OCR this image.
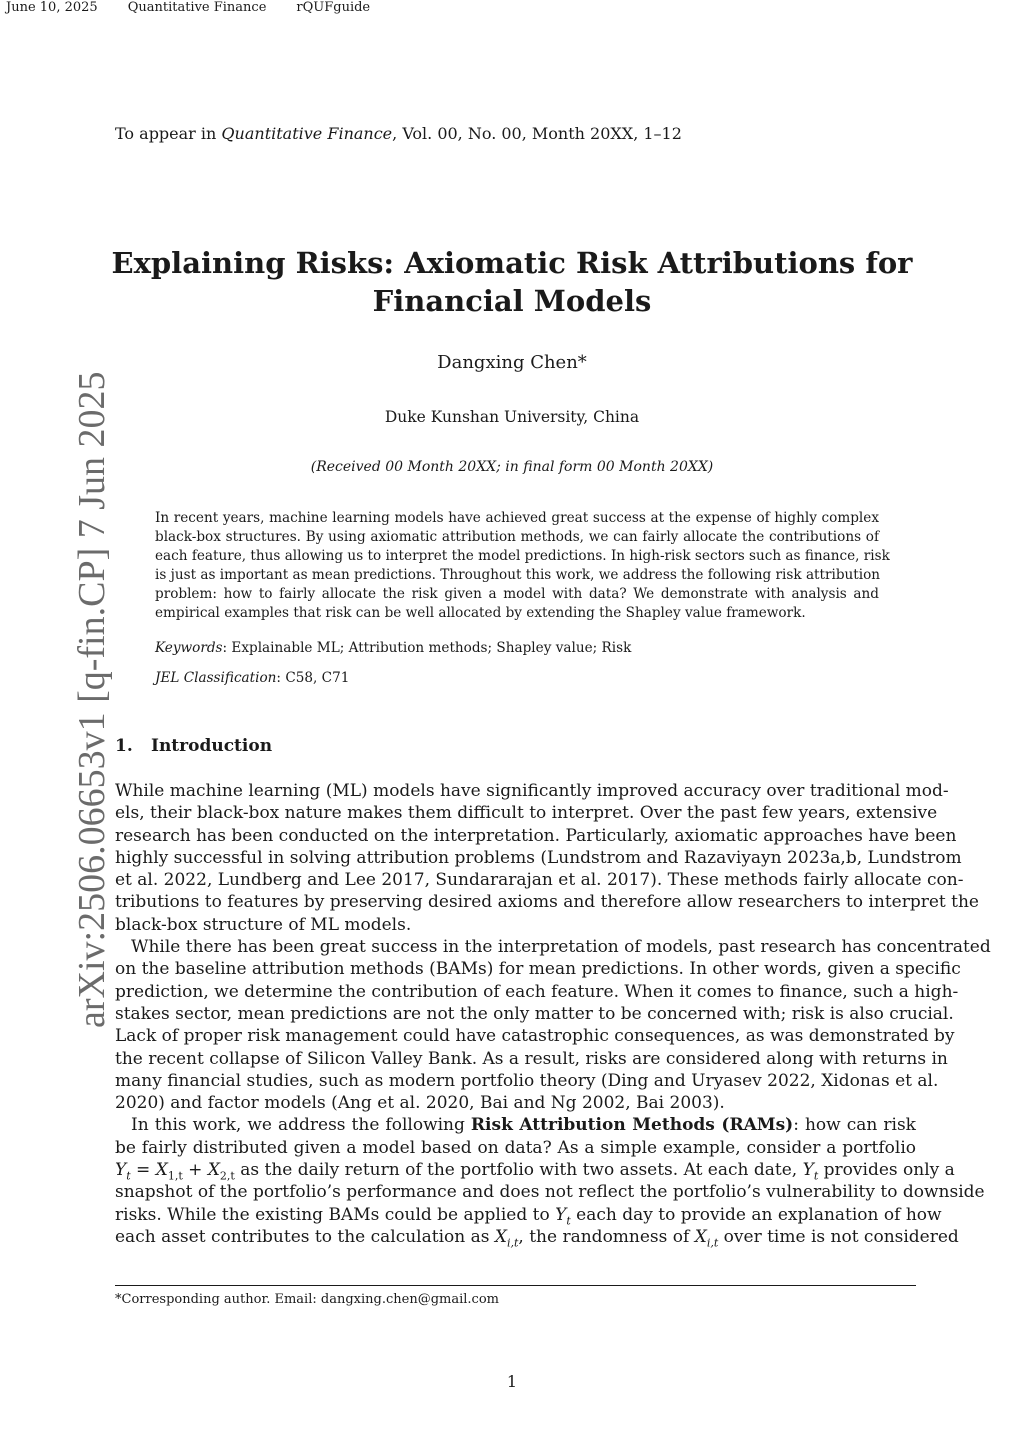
June 10, 2025 Quantitative Finance rQUFguide
To appear in Quantitative Finance, Vol. 00, No. 00, Month 20XX, 1–12
Explaining Risks: Axiomatic Risk Attributions for
Financial Models
Dangxing Chen*
Duke Kunshan University, China
(Received 00 Month 20XX; in final form 00 Month 20XX)
In recent years, machine learning models have achieved great success at the expense of highly complex
black-box structures. By using axiomatic attribution methods, we can fairly allocate the contributions of
each feature, thus allowing us to interpret the model predictions. In high-risk sectors such as finance, risk
is just as important as mean predictions. Throughout this work, we address the following risk attribution
problem: how to fairly allocate the risk given a model with data? We demonstrate with analysis and
empirical examples that risk can be well allocated by extending the Shapley value framework.
Keywords: Explainable ML; Attribution methods; Shapley value; Risk
JEL Classification: C58, C71
1. Introduction
While machine learning (ML) models have significantly improved accuracy over traditional mod-
els, their black-box nature makes them difficult to interpret. Over the past few years, extensive
research has been conducted on the interpretation. Particularly, axiomatic approaches have been
highly successful in solving attribution problems (Lundstrom and Razaviyayn 2023a,b, Lundstrom
et al. 2022, Lundberg and Lee 2017, Sundararajan et al. 2017). These methods fairly allocate con-
tributions to features by preserving desired axioms and therefore allow researchers to interpret the
black-box structure of ML models.
While there has been great success in the interpretation of models, past research has concentrated
on the baseline attribution methods (BAMs) for mean predictions. In other words, given a specific
prediction, we determine the contribution of each feature. When it comes to finance, such a high-
stakes sector, mean predictions are not the only matter to be concerned with; risk is also crucial.
Lack of proper risk management could have catastrophic consequences, as was demonstrated by
the recent collapse of Silicon Valley Bank. As a result, risks are considered along with returns in
many financial studies, such as modern portfolio theory (Ding and Uryasev 2022, Xidonas et al.
2020) and factor models (Ang et al. 2020, Bai and Ng 2002, Bai 2003).
In this work, we address the following Risk Attribution Methods (RAMs): how can risk
be fairly distributed given a model based on data? As a simple example, consider a portfolio
$Y_t = X_{1,t} + X_{2,t}$ as the daily return of the portfolio with two assets. At each date, $Y_t$ provides only a
snapshot of the portfolio’s performance and does not reflect the portfolio’s vulnerability to downside
risks. While the existing BAMs could be applied to $Y_t$ each day to provide an explanation of how
each asset contributes to the calculation as $X_{i,t}$, the randomness of $X_{i,t}$ over time is not considered
*Corresponding author. Email: dangxing.chen@gmail.com
1
arXiv:2506.06653v1 [q-fin.CP] 7 Jun 2025
